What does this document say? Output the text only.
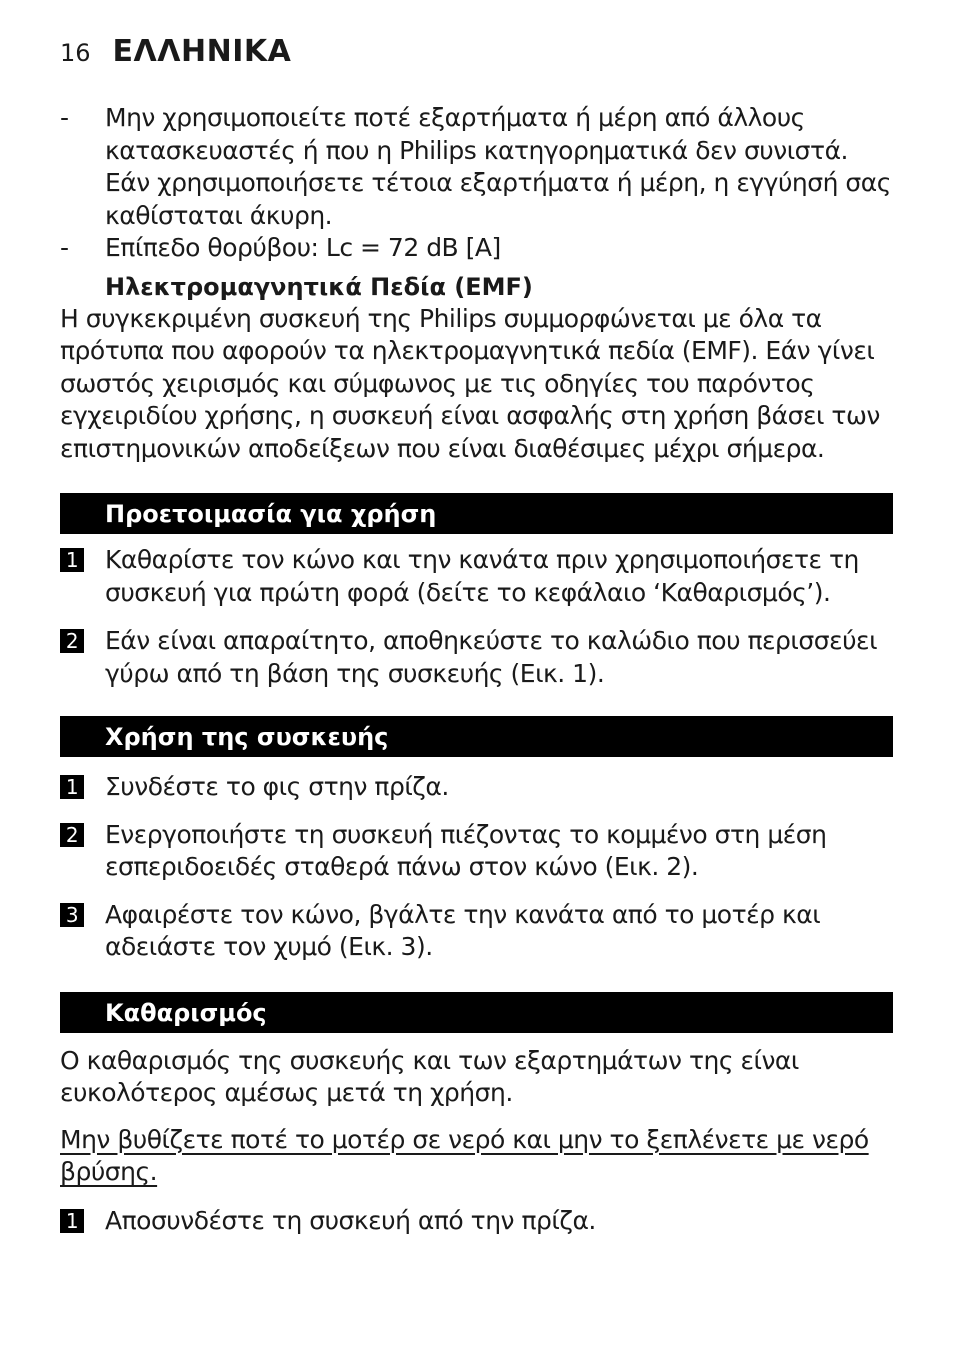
16 ΕΛΛΗΝΙΚΑ
-	Μην χρησιμοποιείτε ποτέ εξαρτήματα ή μέρη από άλλους κατασκευαστές ή που η Philips κατηγορηματικά δεν συνιστά. Εάν χρησιμοποιήσετε τέτοια εξαρτήματα ή μέρη, η εγγύησή σας καθίσταται άκυρη.
-	Επίπεδο θορύβου: Lc = 72 dB [A]
Ηλεκτρομαγνητικά Πεδία (EMF)
Η συγκεκριμένη συσκευή της Philips συμμορφώνεται με όλα τα πρότυπα που αφορούν τα ηλεκτρομαγνητικά πεδία (EMF). Εάν γίνει σωστός χειρισμός και σύμφωνος με τις οδηγίες του παρόντος εγχειριδίου χρήσης, η συσκευή είναι ασφαλής στη χρήση βάσει των επιστημονικών αποδείξεων που είναι διαθέσιμες μέχρι σήμερα.
Προετοιμασία για χρήση
1 Καθαρίστε τον κώνο και την κανάτα πριν χρησιμοποιήσετε τη συσκευή για πρώτη φορά (δείτε το κεφάλαιο ‘Καθαρισμός’).
2 Εάν είναι απαραίτητο, αποθηκεύστε το καλώδιο που περισσεύει γύρω από τη βάση της συσκευής (Εικ. 1).
Χρήση της συσκευής
1 Συνδέστε το φις στην πρίζα.
2 Ενεργοποιήστε τη συσκευή πιέζοντας το κομμένο στη μέση εσπεριδοειδές σταθερά πάνω στον κώνο (Εικ. 2).
3 Αφαιρέστε τον κώνο, βγάλτε την κανάτα από το μοτέρ και αδειάστε τον χυμό (Εικ. 3).
Καθαρισμός
Ο καθαρισμός της συσκευής και των εξαρτημάτων της είναι ευκολότερος αμέσως μετά τη χρήση.
Μην βυθίζετε ποτέ το μοτέρ σε νερό και μην το ξεπλένετε με νερό βρύσης.
1 Αποσυνδέστε τη συσκευή από την πρίζα.
